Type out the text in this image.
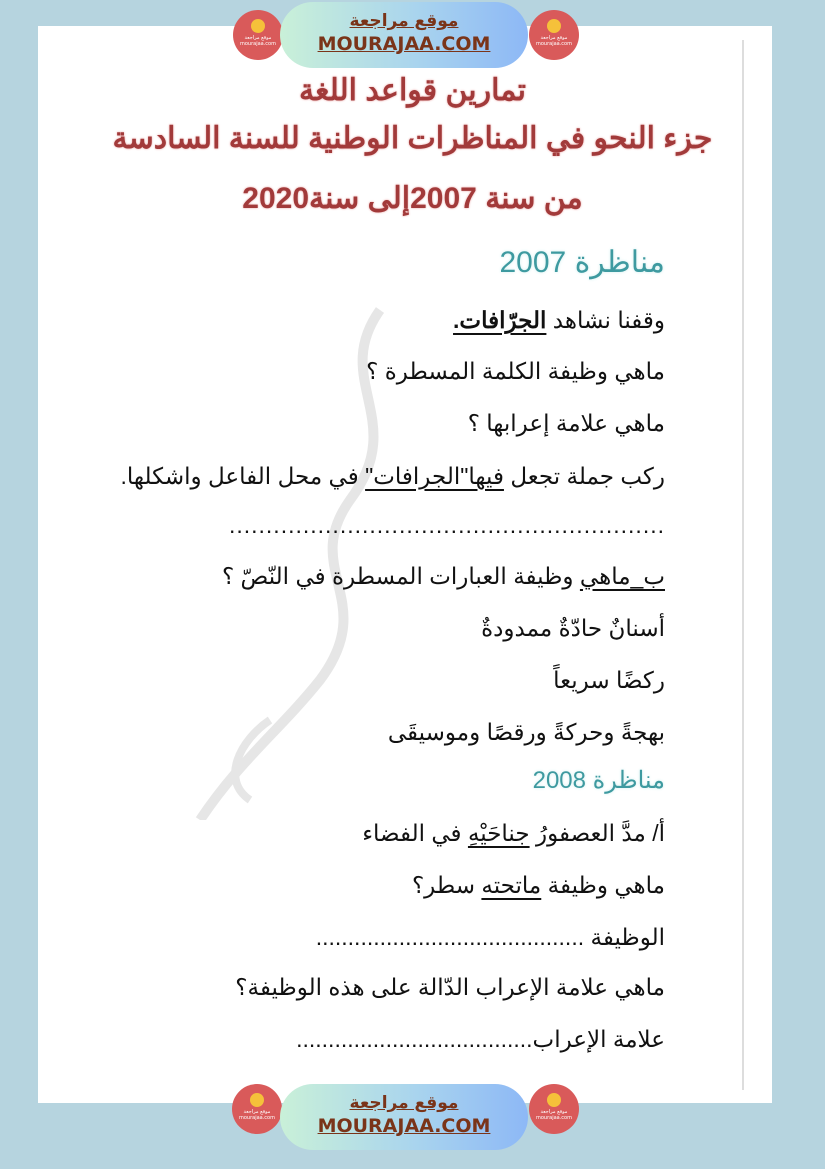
تمارين قواعد اللغة
جزء النحو في المناظرات الوطنية للسنة السادسة
من سنة 2007إلى سنة2020
مناظرة 2007
وقفنا نشاهد الجرّافات.
ماهي وظيفة الكلمة المسطرة ؟
ماهي علامة إعرابها ؟
ركب جملة تجعل فيها"الجرافات" في محل الفاعل واشكلها.
...........................................................
ب_ماهي وظيفة العبارات المسطرة في النّصّ ؟
أسنانٌ حادّةٌ ممدودةٌ
ركضًا سريعاً
بهجةً وحركةً ورقصًا وموسيقَى
مناظرة 2008
أ/ مدَّ العصفورُ جناحَيْهِ في الفضاء
ماهي وظيفة ماتحته سطر؟
الوظيفة ..........................................
ماهي علامة الإعراب الدّالة على هذه الوظيفة؟
علامة الإعراب.....................................
موقع مراجعة mourajaa.com
موقع مراجعة
MOURAJAA.COM	موقع مراجعة mourajaa.com
موقع مراجعة mourajaa.com
موقع مراجعة
MOURAJAA.COM
موقع مراجعة mourajaa.com
